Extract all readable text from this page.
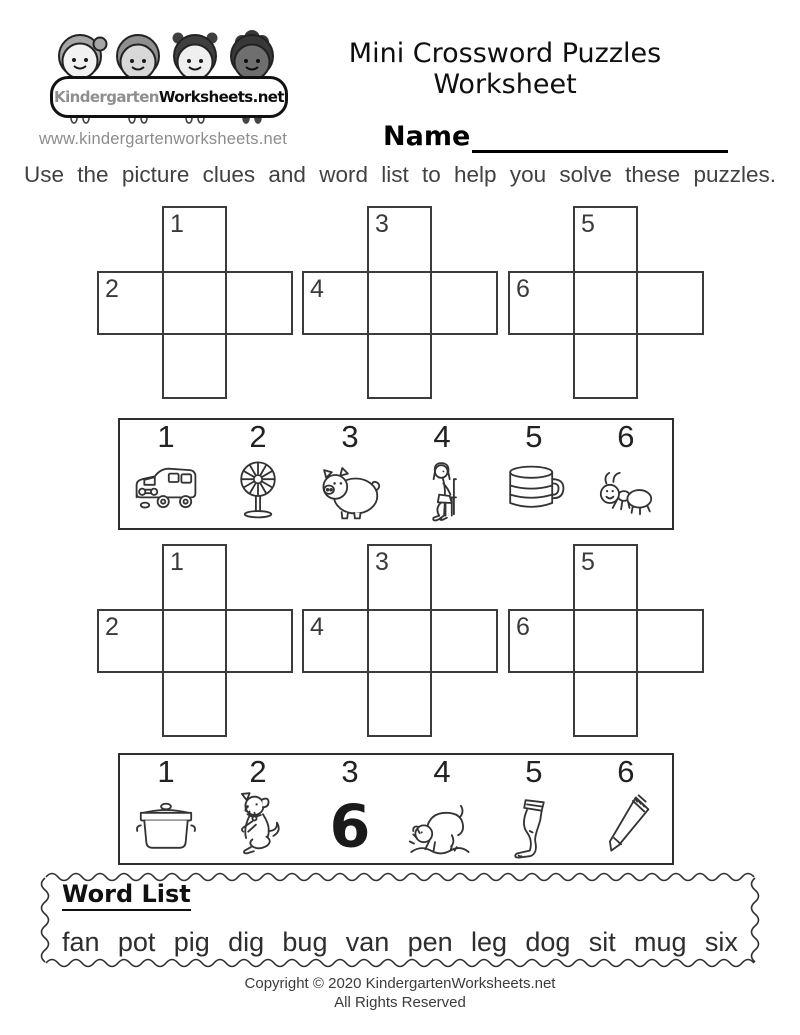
Kindergarten Worksheets.net
www.kindergartenworksheets.net
Mini Crossword Puzzles Worksheet
Name

Use the picture clues and word list to help you solve these puzzles.

1
2
3
4
5
6
1 2 3 4 5 6
1
2
3
4
5
6
1 2 3 4 5 6
Word List
fan pot pig dig bug van pen leg dog sit mug six
Copyright © 2020 KindergartenWorksheets.net
All Rights Reserved
